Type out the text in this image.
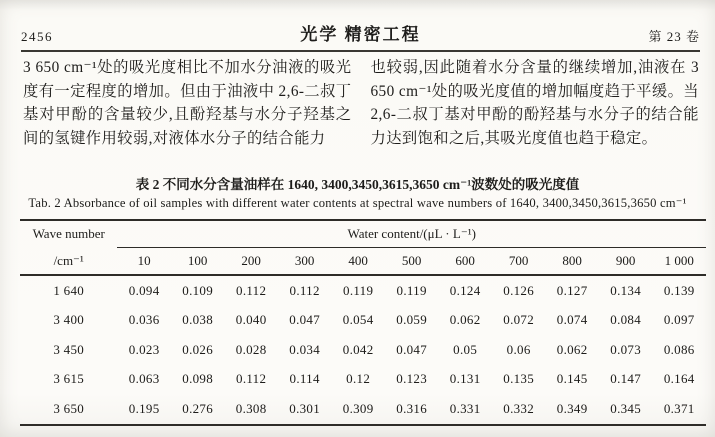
2456	光学 精密工程	第 23 卷

3 650 cm⁻¹处的吸光度相比不加水分油液的吸光度有一定程度的增加。但由于油液中 2,6-二叔丁基对甲酚的含量较少,且酚羟基与水分子羟基之间的氢键作用较弱,对液体水分子的结合能力

也较弱,因此随着水分含量的继续增加,油液在 3 650 cm⁻¹处的吸光度值的增加幅度趋于平缓。当 2,6-二叔丁基对甲酚的酚羟基与水分子的结合能力达到饱和之后,其吸光度值也趋于稳定。

表 2 不同水分含量油样在 1640, 3400,3450,3615,3650 cm⁻¹波数处的吸光度值
Tab. 2 Absorbance of oil samples with different water contents at spectral wave numbers of 1640, 3400,3450,3615,3650 cm⁻¹
Wave number	Water content/(μL · L⁻¹)										
/cm⁻¹	10	100	200	300	400	500	600	700	800	900	1 000
1 640	0.094	0.109	0.112	0.112	0.119	0.119	0.124	0.126	0.127	0.134	0.139
3 400	0.036	0.038	0.040	0.047	0.054	0.059	0.062	0.072	0.074	0.084	0.097
3 450	0.023	0.026	0.028	0.034	0.042	0.047	0.05	0.06	0.062	0.073	0.086
3 615	0.063	0.098	0.112	0.114	0.12	0.123	0.131	0.135	0.145	0.147	0.164
3 650	0.195	0.276	0.308	0.301	0.309	0.316	0.331	0.332	0.349	0.345	0.371
